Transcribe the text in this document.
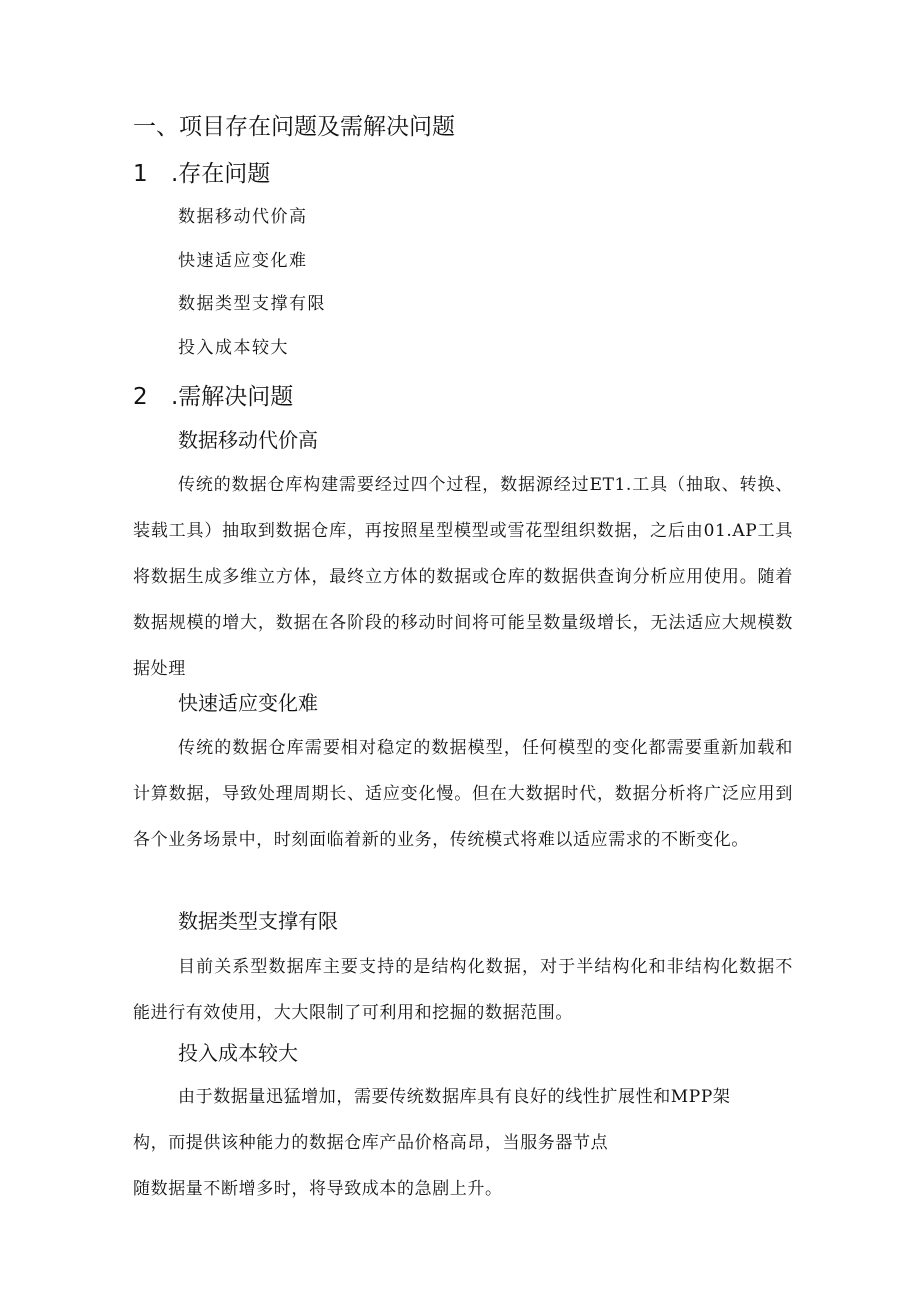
一、项目存在问题及需解决问题
1 .存在问题
数据移动代价高
快速适应变化难
数据类型支撑有限
投入成本较大
2 .需解决问题
数据移动代价高

传统的数据仓库构建需要经过四个过程，数据源经过ET1.工具（抽取、转换、装载工具）抽取到数据仓库，再按照星型模型或雪花型组织数据，之后由01.AP工具将数据生成多维立方体，最终立方体的数据或仓库的数据供查询分析应用使用。随着数据规模的增大，数据在各阶段的移动时间将可能呈数量级增长，无法适应大规模数据处理

快速适应变化难

传统的数据仓库需要相对稳定的数据模型，任何模型的变化都需要重新加载和计算数据，导致处理周期长、适应变化慢。但在大数据时代，数据分析将广泛应用到各个业务场景中，时刻面临着新的业务，传统模式将难以适应需求的不断变化。

数据类型支撑有限

目前关系型数据库主要支持的是结构化数据，对于半结构化和非结构化数据不能进行有效使用，大大限制了可利用和挖掘的数据范围。

投入成本较大
由于数据量迅猛增加，需要传统数据库具有良好的线性扩展性和MPP架
构，而提供该种能力的数据仓库产品价格高昂，当服务器节点
随数据量不断增多时，将导致成本的急剧上升。
